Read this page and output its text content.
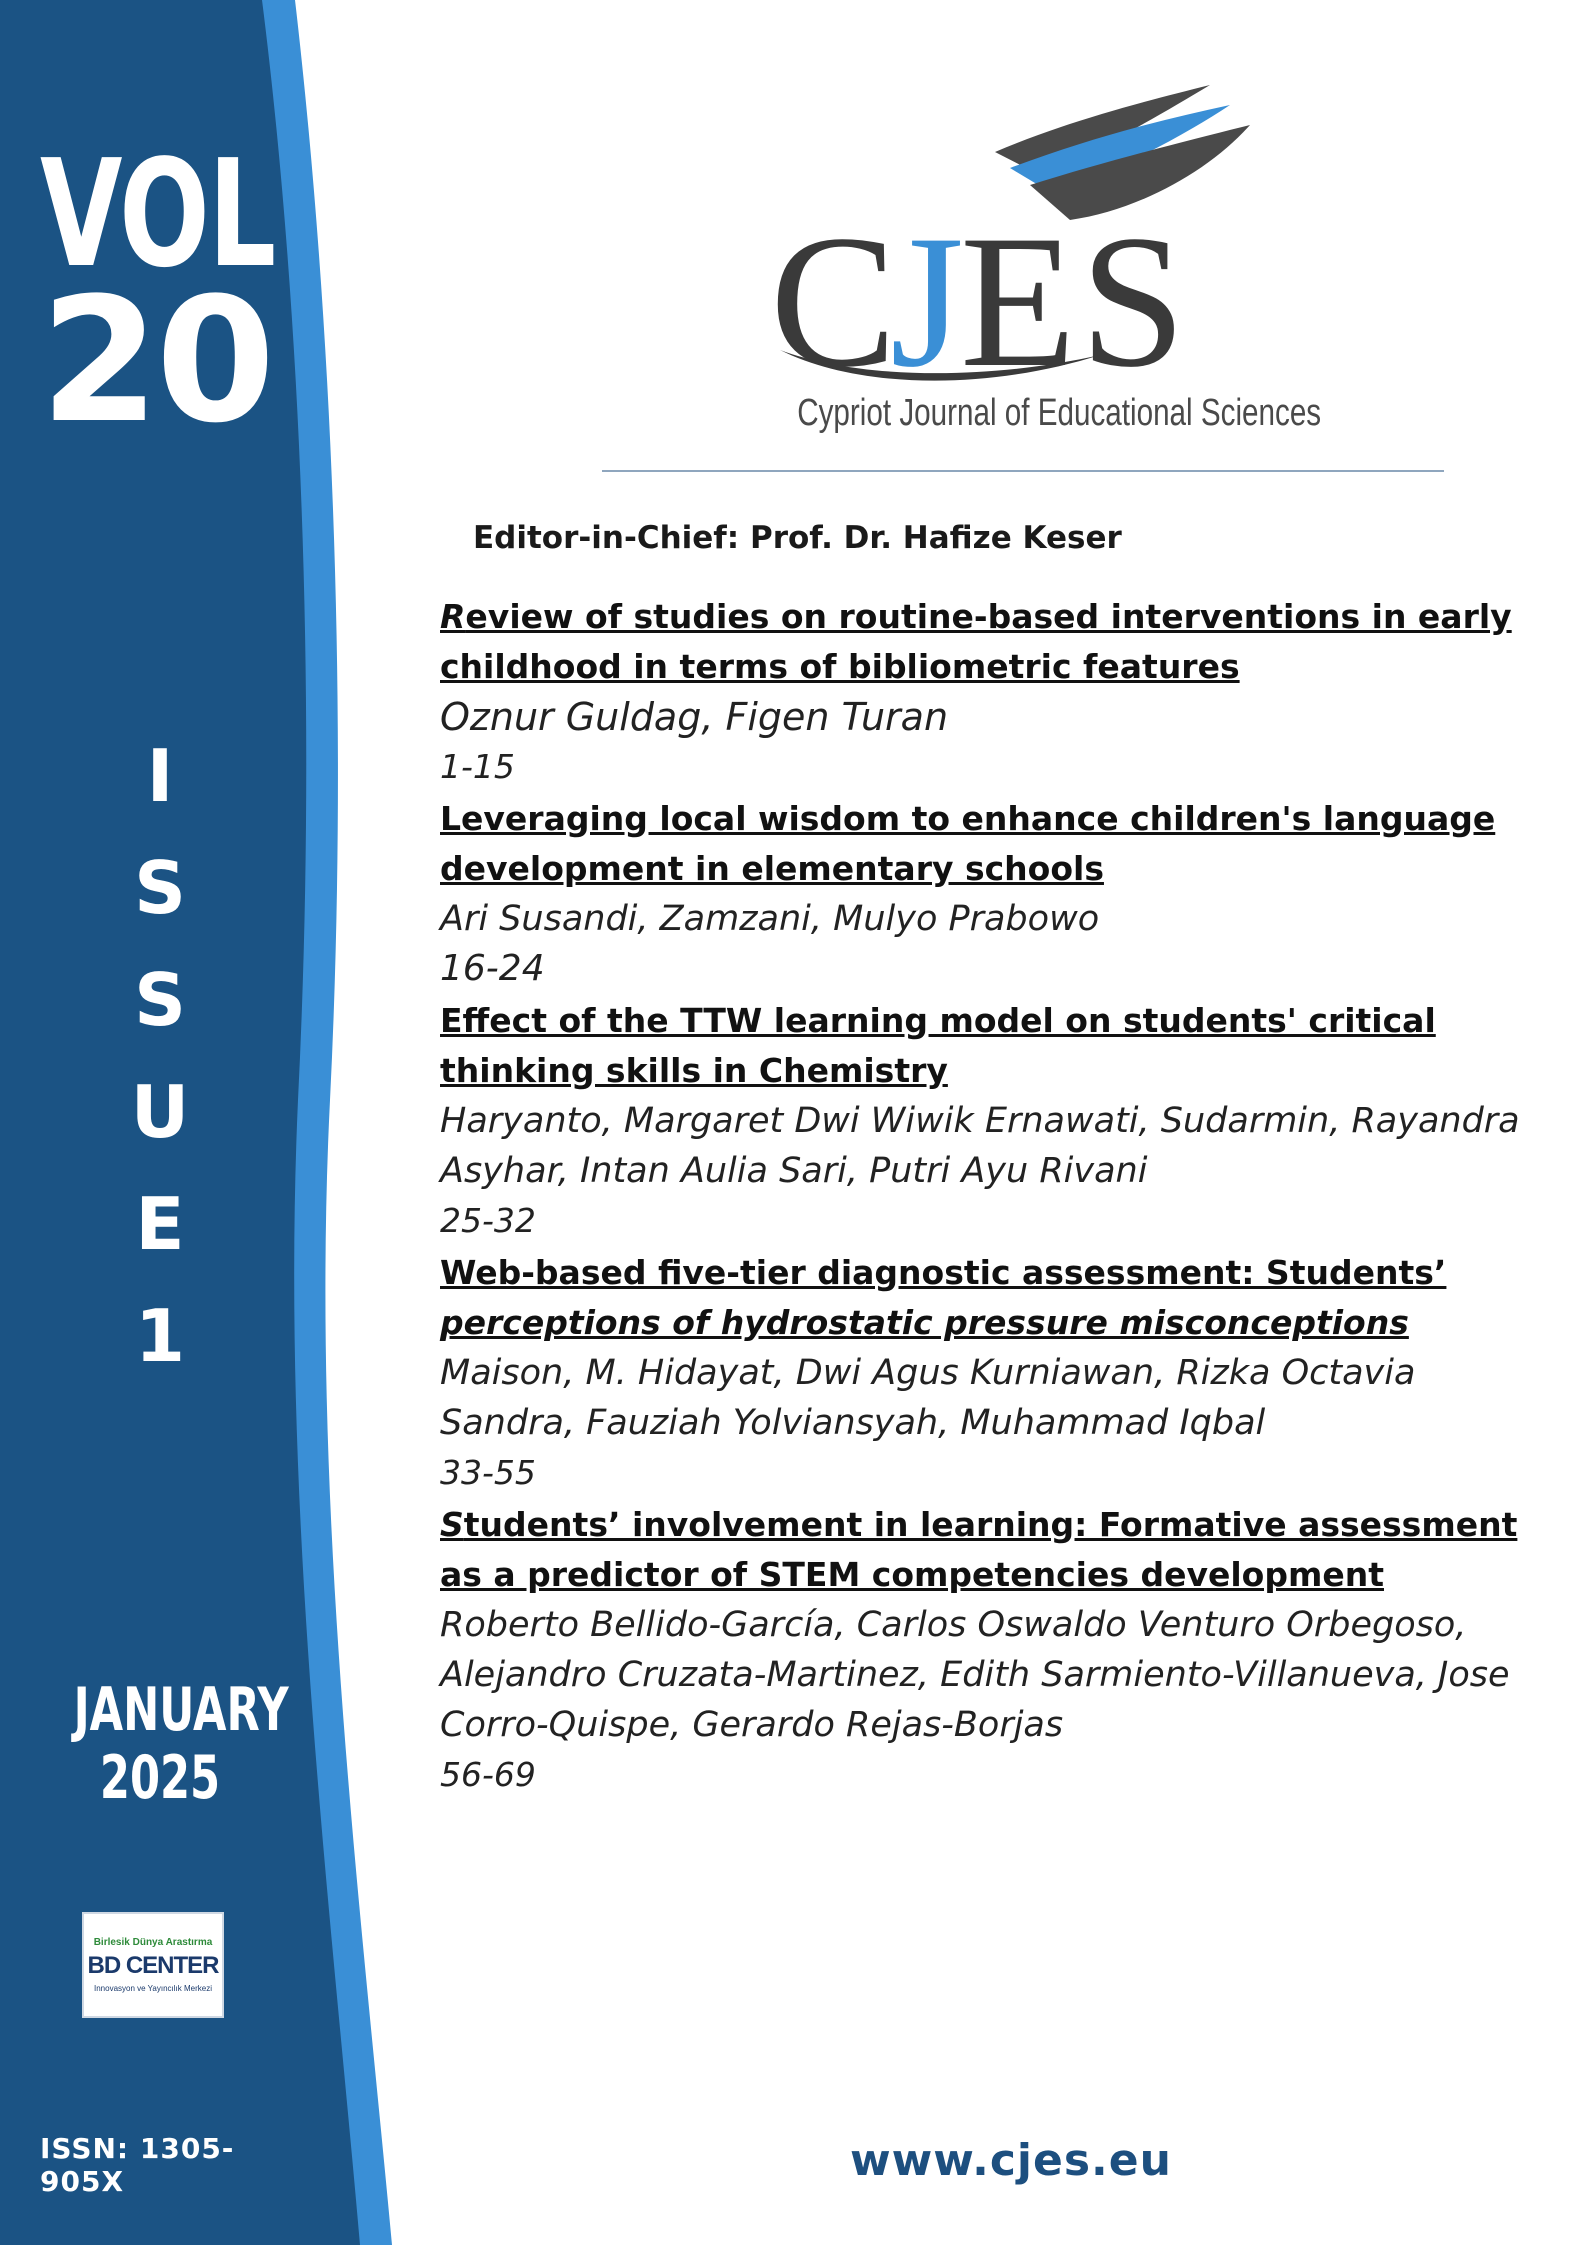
VOL

20

I
S
S
U
E
1

JANUARY

2025

Birlesik Dünya Arastırma
BD CENTER
Innovasyon ve Yayıncılık Merkezi

ISSN: 1305-905X

C
J
E S
Cypriot Journal of Educational Sciences

Editor-in-Chief: Prof. Dr. Hafize Keser

Review of studies on routine-based interventions in early childhood in terms of bibliometric features

Oznur Guldag, Figen Turan

1-15

Leveraging local wisdom to enhance children's language development in elementary schools

Ari Susandi, Zamzani, Mulyo Prabowo

16-24

Effect of the TTW learning model on students' critical thinking skills in Chemistry

Haryanto, Margaret Dwi Wiwik Ernawati, Sudarmin, Rayandra Asyhar, Intan Aulia Sari, Putri Ayu Rivani

25-32

Web-based five-tier diagnostic assessment: Students’ perceptions of hydrostatic pressure misconceptions

Maison, M. Hidayat, Dwi Agus Kurniawan, Rizka Octavia Sandra, Fauziah Yolviansyah, Muhammad Iqbal

33-55

Students’ involvement in learning: Formative assessment as a predictor of STEM competencies development

Roberto Bellido-García, Carlos Oswaldo Venturo Orbegoso, Alejandro Cruzata-Martinez, Edith Sarmiento-Villanueva, Jose Corro-Quispe, Gerardo Rejas-Borjas

56-69

www.cjes.eu
